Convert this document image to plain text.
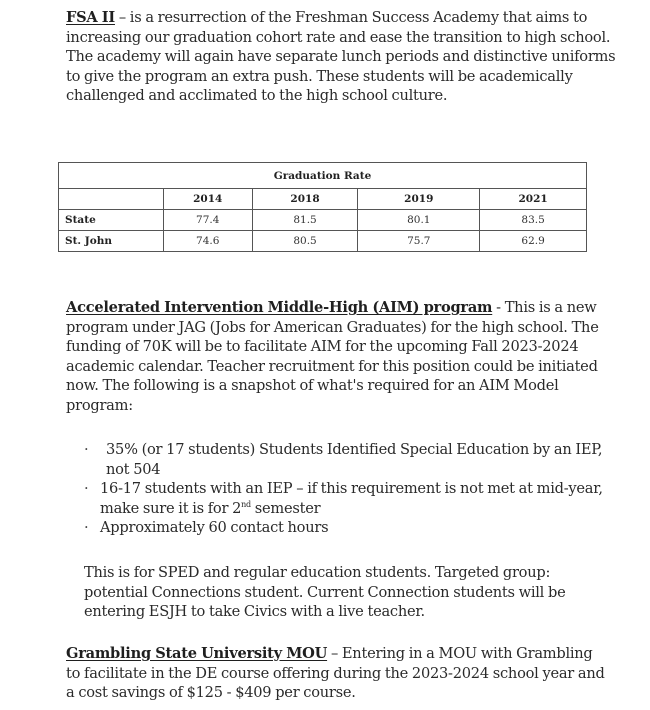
FSA II – is a resurrection of the Freshman Success Academy that aims to increasing our graduation cohort rate and ease the transition to high school. The academy will again have separate lunch periods and distinctive uniforms to give the program an extra push. These students will be academically challenged and acclimated to the high school culture.

Graduation Rate				
	2014	2018	2019	2021
State	77.4	81.5	80.1	83.5
St. John	74.6	80.5	75.7	62.9

Accelerated Intervention Middle-High (AIM) program - This is a new program under JAG (Jobs for American Graduates) for the high school. The funding of 70K will be to facilitate AIM for the upcoming Fall 2023-2024 academic calendar. Teacher recruitment for this position could be initiated now. The following is a snapshot of what's required for an AIM Model program:

· 35% (or 17 students) Students Identified Special Education by an IEP, not 504
· 16-17 students with an IEP – if this requirement is not met at mid-year, make sure it is for 2nd semester
· Approximately 60 contact hours

This is for SPED and regular education students. Targeted group: potential Connections student. Current Connection students will be entering ESJH to take Civics with a live teacher.

Grambling State University MOU – Entering in a MOU with Grambling to facilitate in the DE course offering during the 2023-2024 school year and a cost savings of $125 - $409 per course.
